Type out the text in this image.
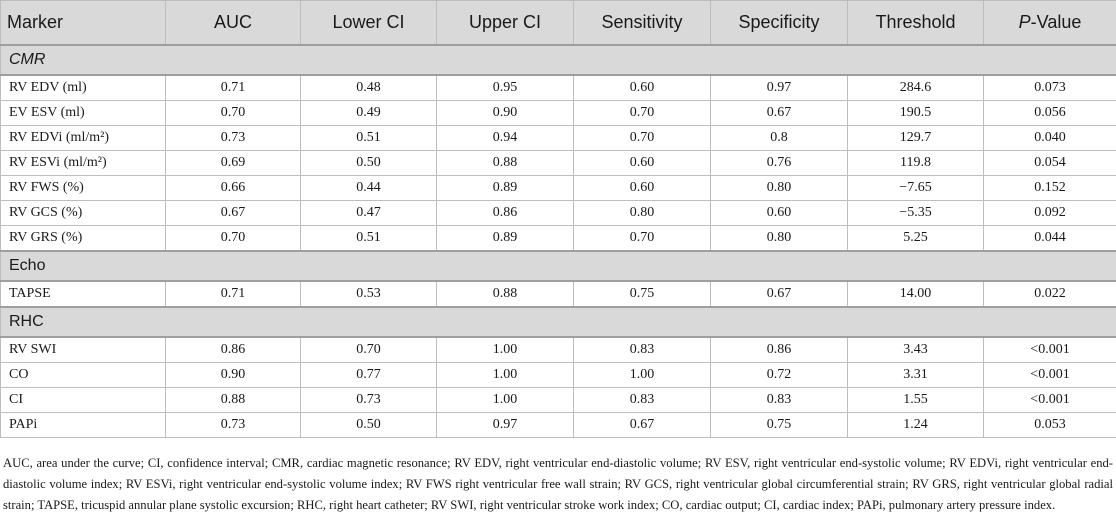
Marker	AUC	Lower CI	Upper CI	Sensitivity	Specificity	Threshold	P-Value
CMR							
RV EDV (ml)	0.71	0.48	0.95	0.60	0.97	284.6	0.073
EV ESV (ml)	0.70	0.49	0.90	0.70	0.67	190.5	0.056
RV EDVi (ml/m²)	0.73	0.51	0.94	0.70	0.8	129.7	0.040
RV ESVi (ml/m²)	0.69	0.50	0.88	0.60	0.76	119.8	0.054
RV FWS (%)	0.66	0.44	0.89	0.60	0.80	−7.65	0.152
RV GCS (%)	0.67	0.47	0.86	0.80	0.60	−5.35	0.092
RV GRS (%)	0.70	0.51	0.89	0.70	0.80	5.25	0.044
Echo							
TAPSE	0.71	0.53	0.88	0.75	0.67	14.00	0.022
RHC							
RV SWI	0.86	0.70	1.00	0.83	0.86	3.43	<0.001
CO	0.90	0.77	1.00	1.00	0.72	3.31	<0.001
CI	0.88	0.73	1.00	0.83	0.83	1.55	<0.001
PAPi	0.73	0.50	0.97	0.67	0.75	1.24	0.053
AUC, area under the curve; CI, confidence interval; CMR, cardiac magnetic resonance; RV EDV, right ventricular end-diastolic volume; RV ESV, right ventricular end-systolic volume; RV EDVi, right ventricular end-diastolic volume index; RV ESVi, right ventricular end-systolic volume index; RV FWS right ventricular free wall strain; RV GCS, right ventricular global circumferential strain; RV GRS, right ventricular global radial strain; TAPSE, tricuspid annular plane systolic excursion; RHC, right heart catheter; RV SWI, right ventricular stroke work index; CO, cardiac output; CI, cardiac index; PAPi, pulmonary artery pressure index.
